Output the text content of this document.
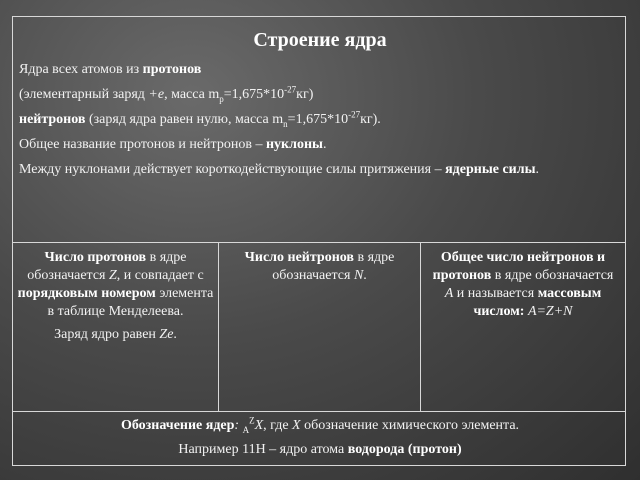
Строение ядра

Ядра всех атомов из протонов

(элементарный заряд +e, масса $m_p=1,675*10^{-27}кг$)

нейтронов (заряд ядра равен нулю, масса $m_n=1,675*10^{-27}кг$).

Общее название протонов и нейтронов – нуклоны.

Между нуклонами действует короткодействующие силы притяжения – ядерные силы.

Число протонов в ядре обозначается Z, и совпадает с порядковым номером элемента в таблице Менделеева.

Заряд ядро равен Ze.

Число нейтронов в ядре обозначается N.

Общее число нейтронов и протонов в ядре обозначается A и называется массовым числом: A=Z+N

Обозначение ядер: $_A^Z$X, где X обозначение химического элемента.

Например 11Н – ядро атома водорода (протон)
